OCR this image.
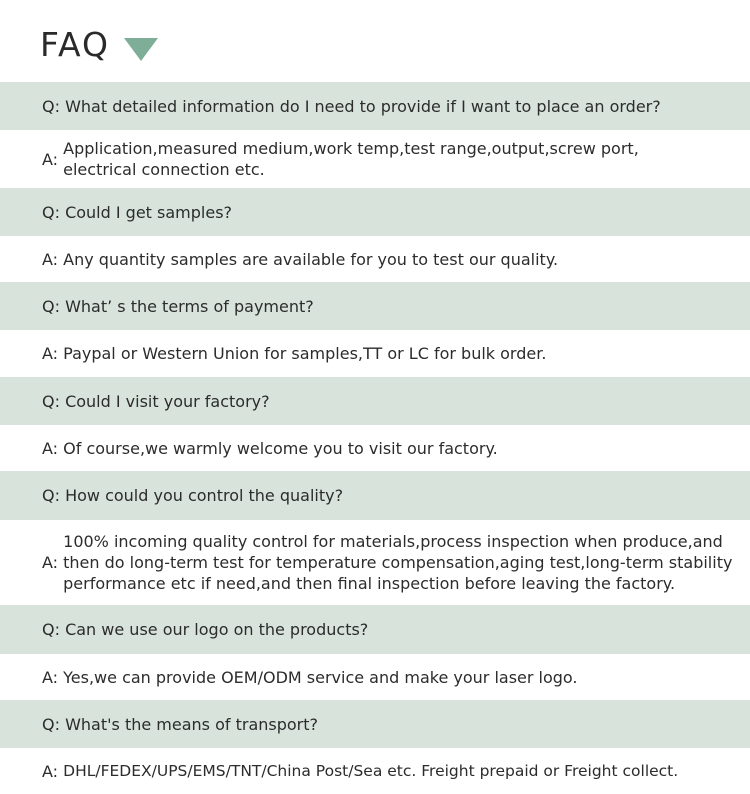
FAQ
Q: What detailed information do I need to provide if I want to place an order?
A:
Application,measured medium,work temp,test range,output,screw port, electrical connection etc.
Q: Could I get samples?
A: Any quantity samples are available for you to test our quality.
Q: What’ s the terms of payment?
A: Paypal or Western Union for samples,TT or LC for bulk order.
Q: Could I visit your factory?
A: Of course,we warmly welcome you to visit our factory.
Q: How could you control the quality?
A:
100% incoming quality control for materials,process inspection when produce,and then do long-term test for temperature compensation,aging test,long-term stability performance etc if need,and then final inspection before leaving the factory.
Q: Can we use our logo on the products?
A: Yes,we can provide OEM/ODM service and make your laser logo.
Q: What's the means of transport?
A: DHL/FEDEX/UPS/EMS/TNT/China Post/Sea etc. Freight prepaid or Freight collect.
